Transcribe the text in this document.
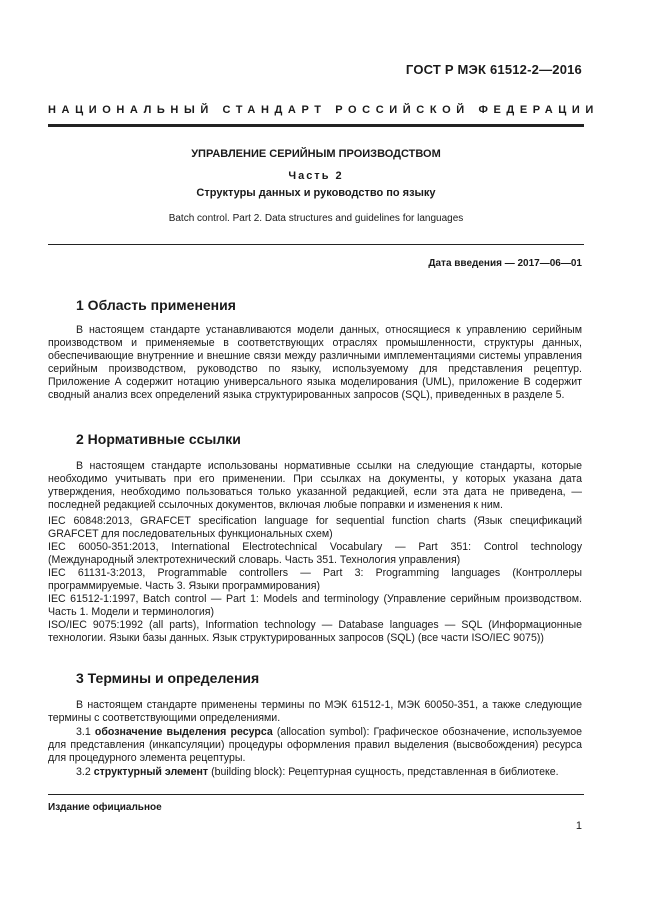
ГОСТ Р МЭК 61512-2—2016
НАЦИОНАЛЬНЫЙ СТАНДАРТ РОССИЙСКОЙ ФЕДЕРАЦИИ
УПРАВЛЕНИЕ СЕРИЙНЫМ ПРОИЗВОДСТВОМ
Часть 2
Структуры данных и руководство по языку
Batch control. Part 2. Data structures and guidelines for languages
Дата введения — 2017—06—01
1 Область применения

В настоящем стандарте устанавливаются модели данных, относящиеся к управлению серийным производством и применяемые в соответствующих отраслях промышленности, структуры данных, обеспечивающие внутренние и внешние связи между различными имплементациями системы управления серийным производством, руководство по языку, используемому для представления рецептур. Приложение А содержит нотацию универсального языка моделирования (UML), приложение В содержит сводный анализ всех определений языка структурированных запросов (SQL), приведенных в разделе 5.

2 Нормативные ссылки

В настоящем стандарте использованы нормативные ссылки на следующие стандарты, которые необходимо учитывать при его применении. При ссылках на документы, у которых указана дата утверждения, необходимо пользоваться только указанной редакцией, если эта дата не приведена, — последней редакцией ссылочных документов, включая любые поправки и изменения к ним.

IEC 60848:2013, GRAFCET specification language for sequential function charts (Язык спецификаций GRAFCET для последовательных функциональных схем)

IEC 60050-351:2013, International Electrotechnical Vocabulary — Part 351: Control technology (Международный электротехнический словарь. Часть 351. Технология управления)

IEC 61131-3:2013, Programmable controllers — Part 3: Programming languages (Контроллеры программируемые. Часть 3. Языки программирования)

IEC 61512-1:1997, Batch control — Part 1: Models and terminology (Управление серийным производством. Часть 1. Модели и терминология)

ISO/IEC 9075:1992 (all parts), Information technology — Database languages — SQL (Информационные технологии. Языки базы данных. Язык структурированных запросов (SQL) (все части ISO/IEC 9075))

3 Термины и определения

В настоящем стандарте применены термины по МЭК 61512-1, МЭК 60050-351, а также следующие термины с соответствующими определениями.

3.1 обозначение выделения ресурса (allocation symbol): Графическое обозначение, используемое для представления (инкапсуляции) процедуры оформления правил выделения (высвобождения) ресурса для процедурного элемента рецептуры.

3.2 структурный элемент (building block): Рецептурная сущность, представленная в библиотеке.

Издание официальное
1
